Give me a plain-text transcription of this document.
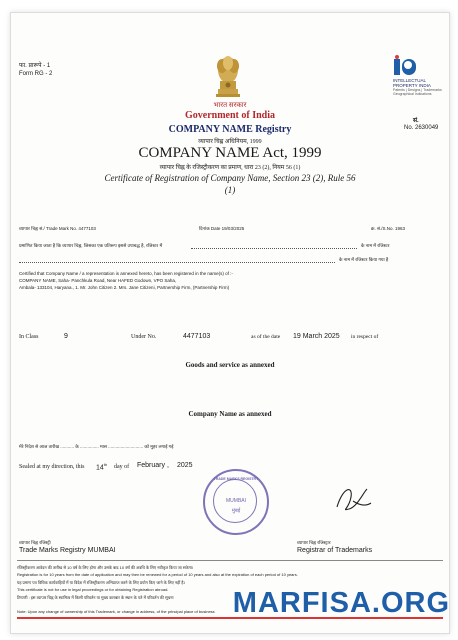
फा. प्रारूपे - 1
Form RG - 2
भारत सरकार
Government of India
COMPANY NAME Registry
व्यापार चिह्न अधिनियम, 1999
COMPANY NAME Act, 1999
व्यापार चिह्न के रजिस्ट्रीकरण का प्रमाण, धारा 23 (2), नियम 56 (1)
Certificate of Registration of Company Name, Section 23 (2), Rule 56
(1)
INTELLECTUAL PROPERTY INDIA
Patents | Designs | Trademarks Geographical Indications
सं.
No. 2630049
व्यापार चिह्न सं./ Trade Mark No. 4477103	दिनांक Date 19/03/2025	क्र. सं./S.No. 1963
प्रमाणित किया जाता है कि व्यापार चिह्न, जिसका एक प्रतिरूप इससे उपाबद्ध है, रजिस्टर में	के नाम में रजिस्टर
के नाम में रजिस्टर किया गया है
Certified that Company Name / a representation is annexed hereto, has been registered in the name(s) of :-
COMPANY NAME, Saha- Panchkula Road, Near HAFED Godown, VPO Saha,
Ambala- 133104, Haryana., 1. Mr. John Citizen 2. Mrs. Jane Citizeni, Partnership Firm, (Partnership Firm)
In Class	9	Under No.	4477103	as of the date 19 March 2025 in respect of
Goods and service as annexed
Company Name as annexed
मेरे निदेश से आज तारीख ........... के ............... मास ............................ को मुहर लगाई गई
Sealed at my direction, this 14th day of February , 2025
TRADE MARKS REGISTRY
MUMBAI
मुंबई
व्यापार चिह्न रजिस्ट्री
Trade Marks Registry MUMBAI
व्यापार चिह्न रजिस्ट्रार
Registrar of Trademarks
रजिस्ट्रीकरण आवेदन की तारीख से 10 वर्ष के लिए होगा और उसके बाद 10 वर्ष की अवधि के लिए नवीकृत किया जा सकेगा।
Registration is for 10 years from the date of application and may then be renewed for a period of 10 years and also at the expiration of each period of 10 years.
यह प्रमाण पत्र विधिक कार्यवाहियों में या विदेश में रजिस्ट्रीकरण अभिप्राप्त करने के लिए प्रयोग किए जाने के लिए नहीं है।
This certificate is not for use in legal proceedings or for obtaining Registration abroad.
टिप्पणी : इस व्यापार चिह्न के स्वामित्व में किसी परिवर्तन या मुख्य कारबार के स्थान के पते में परिवर्तन की सूचना
Note: Upon any change of ownership of this Trademark, or change in address, of the principal place of business MARFISA.ORG
